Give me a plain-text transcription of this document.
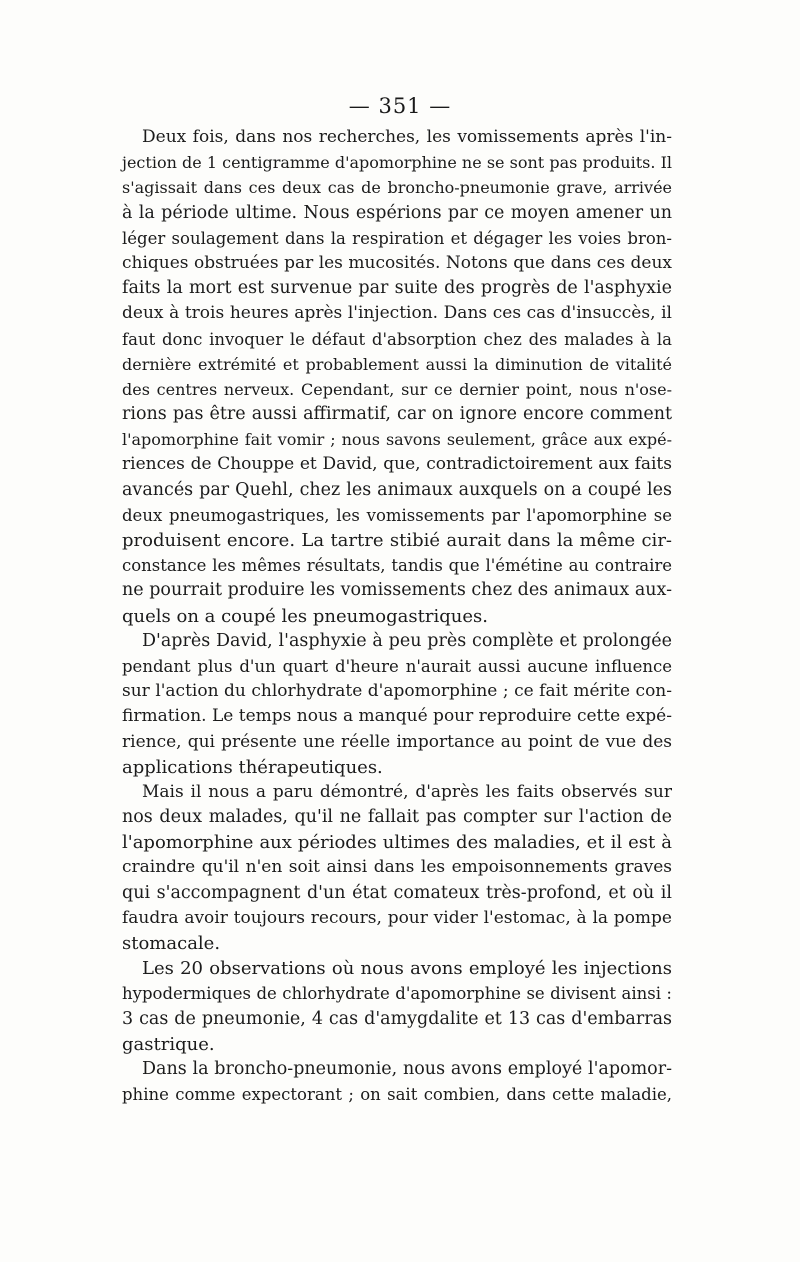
— 351 —
Deux fois, dans nos recherches, les vomissements après l'in-
jection de 1 centigramme d'apomorphine ne se sont pas produits. Il
s'agissait dans ces deux cas de broncho-pneumonie grave, arrivée
à la période ultime. Nous espérions par ce moyen amener un
léger soulagement dans la respiration et dégager les voies bron-
chiques obstruées par les mucosités. Notons que dans ces deux
faits la mort est survenue par suite des progrès de l'asphyxie
deux à trois heures après l'injection. Dans ces cas d'insuccès, il
faut donc invoquer le défaut d'absorption chez des malades à la
dernière extrémité et probablement aussi la diminution de vitalité
des centres nerveux. Cependant, sur ce dernier point, nous n'ose-
rions pas être aussi affirmatif, car on ignore encore comment
l'apomorphine fait vomir ; nous savons seulement, grâce aux expé-
riences de Chouppe et David, que, contradictoirement aux faits
avancés par Quehl, chez les animaux auxquels on a coupé les
deux pneumogastriques, les vomissements par l'apomorphine se
produisent encore. La tartre stibié aurait dans la même cir-
constance les mêmes résultats, tandis que l'émétine au contraire
ne pourrait produire les vomissements chez des animaux aux-
quels on a coupé les pneumogastriques.
D'après David, l'asphyxie à peu près complète et prolongée
pendant plus d'un quart d'heure n'aurait aussi aucune influence
sur l'action du chlorhydrate d'apomorphine ; ce fait mérite con-
firmation. Le temps nous a manqué pour reproduire cette expé-
rience, qui présente une réelle importance au point de vue des
applications thérapeutiques.
Mais il nous a paru démontré, d'après les faits observés sur
nos deux malades, qu'il ne fallait pas compter sur l'action de
l'apomorphine aux périodes ultimes des maladies, et il est à
craindre qu'il n'en soit ainsi dans les empoisonnements graves
qui s'accompagnent d'un état comateux très-profond, et où il
faudra avoir toujours recours, pour vider l'estomac, à la pompe
stomacale.
Les 20 observations où nous avons employé les injections
hypodermiques de chlorhydrate d'apomorphine se divisent ainsi :
3 cas de pneumonie, 4 cas d'amygdalite et 13 cas d'embarras
gastrique.
Dans la broncho-pneumonie, nous avons employé l'apomor-
phine comme expectorant ; on sait combien, dans cette maladie,
